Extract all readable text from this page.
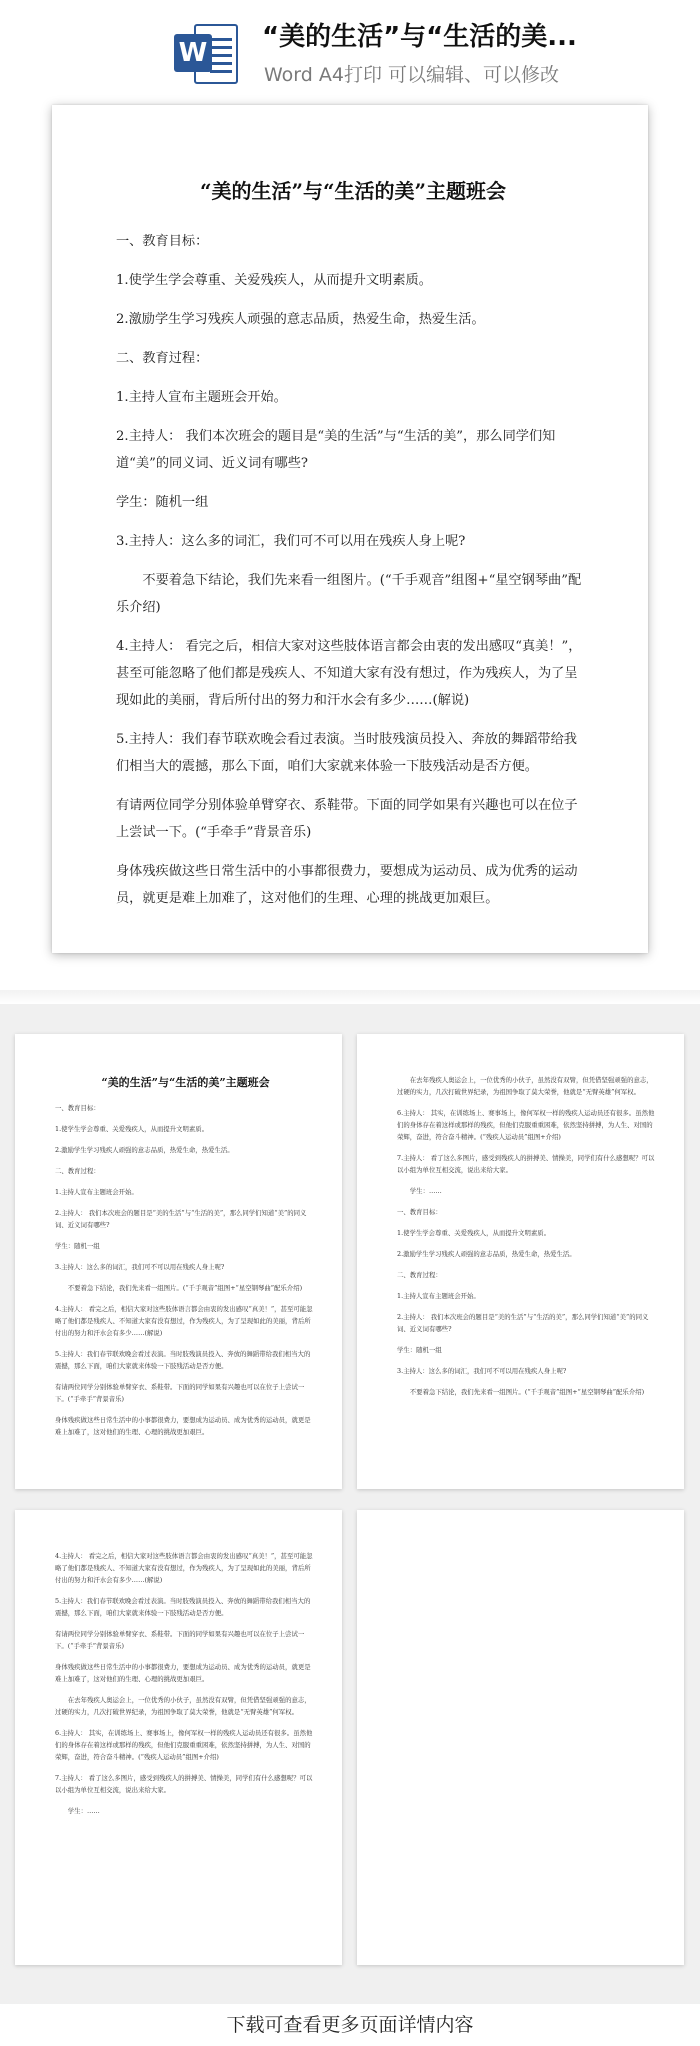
W
“美的生活”与“生活的美...
Word A4打印 可以编辑、可以修改
“美的生活”与“生活的美”主题班会

一、教育目标：

1.使学生学会尊重、关爱残疾人，从而提升文明素质。

2.激励学生学习残疾人顽强的意志品质，热爱生命，热爱生活。

二、教育过程：

1.主持人宣布主题班会开始。

2.主持人： 我们本次班会的题目是“美的生活”与“生活的美”，那么同学们知道“美”的同义词、近义词有哪些?

学生：随机一组

3.主持人：这么多的词汇，我们可不可以用在残疾人身上呢?

不要着急下结论，我们先来看一组图片。(“千手观音”组图+“星空钢琴曲”配乐介绍)

4.主持人： 看完之后，相信大家对这些肢体语言都会由衷的发出感叹“真美！”，甚至可能忽略了他们都是残疾人、不知道大家有没有想过，作为残疾人，为了呈现如此的美丽，背后所付出的努力和汗水会有多少……(解说)

5.主持人：我们春节联欢晚会看过表演。当时肢残演员投入、奔放的舞蹈带给我们相当大的震撼，那么下面，咱们大家就来体验一下肢残活动是否方便。

有请两位同学分别体验单臂穿衣、系鞋带。下面的同学如果有兴趣也可以在位子上尝试一下。(“手牵手”背景音乐)

身体残疾做这些日常生活中的小事都很费力，要想成为运动员、成为优秀的运动员，就更是难上加难了，这对他们的生理、心理的挑战更加艰巨。

“美的生活”与“生活的美”主题班会

一、教育目标：

1.使学生学会尊重、关爱残疾人，从而提升文明素质。

2.激励学生学习残疾人顽强的意志品质，热爱生命，热爱生活。

二、教育过程：

1.主持人宣布主题班会开始。

2.主持人： 我们本次班会的题目是“美的生活”与“生活的美”，那么同学们知道“美”的同义词、近义词有哪些?

学生：随机一组

3.主持人：这么多的词汇，我们可不可以用在残疾人身上呢?

不要着急下结论，我们先来看一组图片。(“千手观音”组图+“星空钢琴曲”配乐介绍)

4.主持人： 看完之后，相信大家对这些肢体语言都会由衷的发出感叹“真美！”，甚至可能忽略了他们都是残疾人、不知道大家有没有想过，作为残疾人，为了呈现如此的美丽，背后所付出的努力和汗水会有多少……(解说)

5.主持人：我们春节联欢晚会看过表演。当时肢残演员投入、奔放的舞蹈带给我们相当大的震撼，那么下面，咱们大家就来体验一下肢残活动是否方便。

有请两位同学分别体验单臂穿衣、系鞋带。下面的同学如果有兴趣也可以在位子上尝试一下。(“手牵手”背景音乐)

身体残疾做这些日常生活中的小事都很费力，要想成为运动员、成为优秀的运动员，就更是难上加难了，这对他们的生理、心理的挑战更加艰巨。

在去年残疾人奥运会上，一位优秀的小伙子，虽然没有双臂，但凭借坚强顽强的意志，过硬的实力，几次打破世界纪录，为祖国争取了莫大荣誉，他就是“无臂英雄”何军权。

6.主持人： 其实，在训练场上、赛事场上，像何军权一样的残疾人运动员还有很多。虽然他们的身体存在着这样或那样的残疾，但他们克服重重困难，依然坚持拼搏，为人生、对国的荣辉，奋进，符合奋斗精神。(“残疾人运动员”组图+介绍)

7.主持人： 看了这么多图片，感受到残疾人的拼搏美、情操美，同学们有什么感想呢？可以以小组为单位互相交流，说出来给大家。

学生：……

一、教育目标：

1.使学生学会尊重、关爱残疾人，从而提升文明素质。

2.激励学生学习残疾人顽强的意志品质，热爱生命，热爱生活。

二、教育过程：

1.主持人宣布主题班会开始。

2.主持人： 我们本次班会的题目是“美的生活”与“生活的美”，那么同学们知道“美”的同义词、近义词有哪些?

学生：随机一组

3.主持人：这么多的词汇，我们可不可以用在残疾人身上呢?

不要着急下结论，我们先来看一组图片。(“千手观音”组图+“星空钢琴曲”配乐介绍)

4.主持人： 看完之后，相信大家对这些肢体语言都会由衷的发出感叹“真美！”，甚至可能忽略了他们都是残疾人、不知道大家有没有想过，作为残疾人，为了呈现如此的美丽，背后所付出的努力和汗水会有多少……(解说)

5.主持人：我们春节联欢晚会看过表演。当时肢残演员投入、奔放的舞蹈带给我们相当大的震撼，那么下面，咱们大家就来体验一下肢残活动是否方便。

有请两位同学分别体验单臂穿衣、系鞋带。下面的同学如果有兴趣也可以在位子上尝试一下。(“手牵手”背景音乐)

身体残疾做这些日常生活中的小事都很费力，要想成为运动员、成为优秀的运动员，就更是难上加难了，这对他们的生理、心理的挑战更加艰巨。

在去年残疾人奥运会上，一位优秀的小伙子，虽然没有双臂，但凭借坚强顽强的意志，过硬的实力，几次打破世界纪录，为祖国争取了莫大荣誉，他就是“无臂英雄”何军权。

6.主持人： 其实，在训练场上、赛事场上，像何军权一样的残疾人运动员还有很多。虽然他们的身体存在着这样或那样的残疾，但他们克服重重困难，依然坚持拼搏，为人生、对国的荣辉，奋进，符合奋斗精神。(“残疾人运动员”组图+介绍)

7.主持人： 看了这么多图片，感受到残疾人的拼搏美、情操美，同学们有什么感想呢？可以以小组为单位互相交流，说出来给大家。

学生：……

下载可查看更多页面详情内容
